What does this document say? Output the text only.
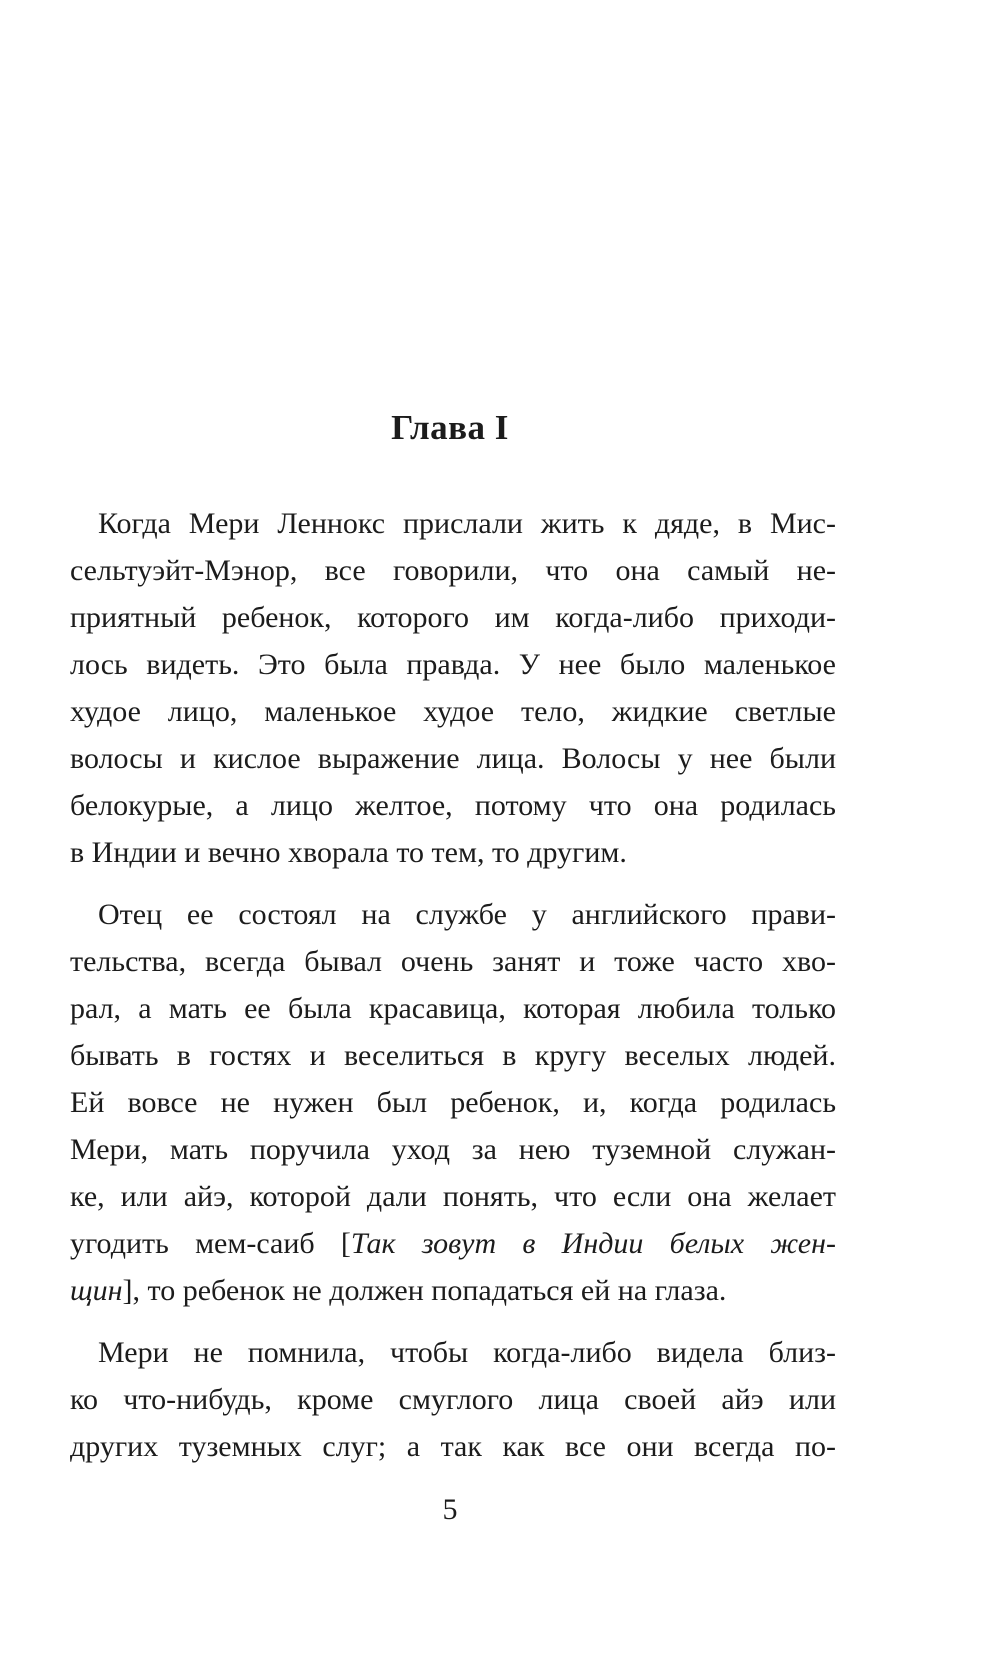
Глава I

Когда Мери Леннокс прислали жить к дяде, в Мис-
сельтуэйт-Мэнор, все говорили, что она самый не-
приятный ребенок, которого им когда-либо приходи-
лось видеть. Это была правда. У нее было маленькое
худое лицо, маленькое худое тело, жидкие светлые
волосы и кислое выражение лица. Волосы у нее были
белокурые, а лицо желтое, потому что она родилась
в Индии и вечно хворала то тем, то другим.

Отец ее состоял на службе у английского прави-
тельства, всегда бывал очень занят и тоже часто хво-
рал, а мать ее была красавица, которая любила только
бывать в гостях и веселиться в кругу веселых людей.
Ей вовсе не нужен был ребенок, и, когда родилась
Мери, мать поручила уход за нею туземной служан-
ке, или айэ, которой дали понять, что если она желает
угодить мем-саиб [Так зовут в Индии белых жен-
щин], то ребенок не должен попадаться ей на глаза.

Мери не помнила, чтобы когда-либо видела близ-
ко что-нибудь, кроме смуглого лица своей айэ или
других туземных слуг; а так как все они всегда по-

5
